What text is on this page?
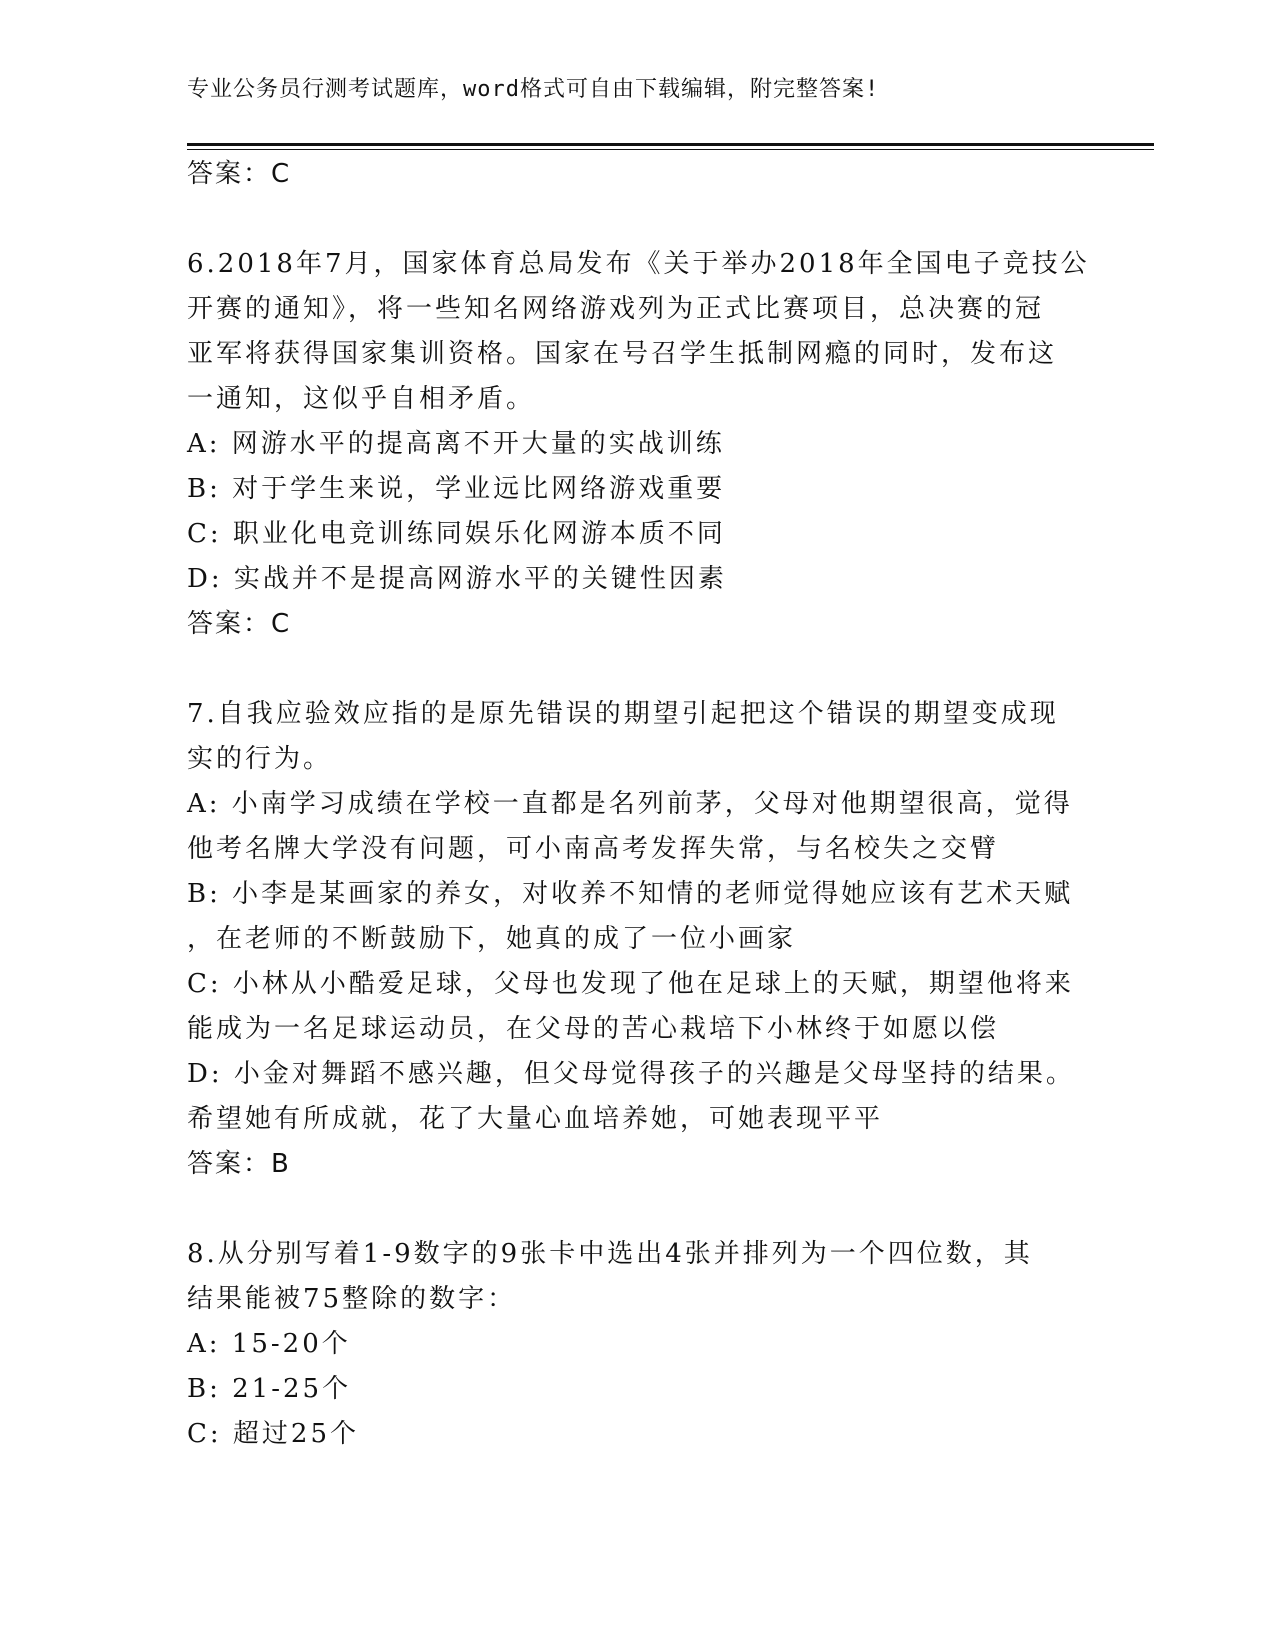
专业公务员行测考试题库，word格式可自由下载编辑，附完整答案!
答案：C
6.2018年7月，国家体育总局发布《关于举办2018年全国电子竞技公
开赛的通知》，将一些知名网络游戏列为正式比赛项目，总决赛的冠
亚军将获得国家集训资格。国家在号召学生抵制网瘾的同时，发布这
一通知，这似乎自相矛盾。
A: 网游水平的提高离不开大量的实战训练
B: 对于学生来说，学业远比网络游戏重要
C: 职业化电竞训练同娱乐化网游本质不同
D: 实战并不是提高网游水平的关键性因素
答案：C
7.自我应验效应指的是原先错误的期望引起把这个错误的期望变成现
实的行为。
A: 小南学习成绩在学校一直都是名列前茅，父母对他期望很高，觉得
他考名牌大学没有问题，可小南高考发挥失常，与名校失之交臂
B: 小李是某画家的养女，对收养不知情的老师觉得她应该有艺术天赋
，在老师的不断鼓励下，她真的成了一位小画家
C: 小林从小酷爱足球，父母也发现了他在足球上的天赋，期望他将来
能成为一名足球运动员，在父母的苦心栽培下小林终于如愿以偿
D: 小金对舞蹈不感兴趣，但父母觉得孩子的兴趣是父母坚持的结果。
希望她有所成就，花了大量心血培养她，可她表现平平
答案：B
8.从分别写着1-9数字的9张卡中选出4张并排列为一个四位数，其
结果能被75整除的数字：
A: 15-20个
B: 21-25个
C: 超过25个
